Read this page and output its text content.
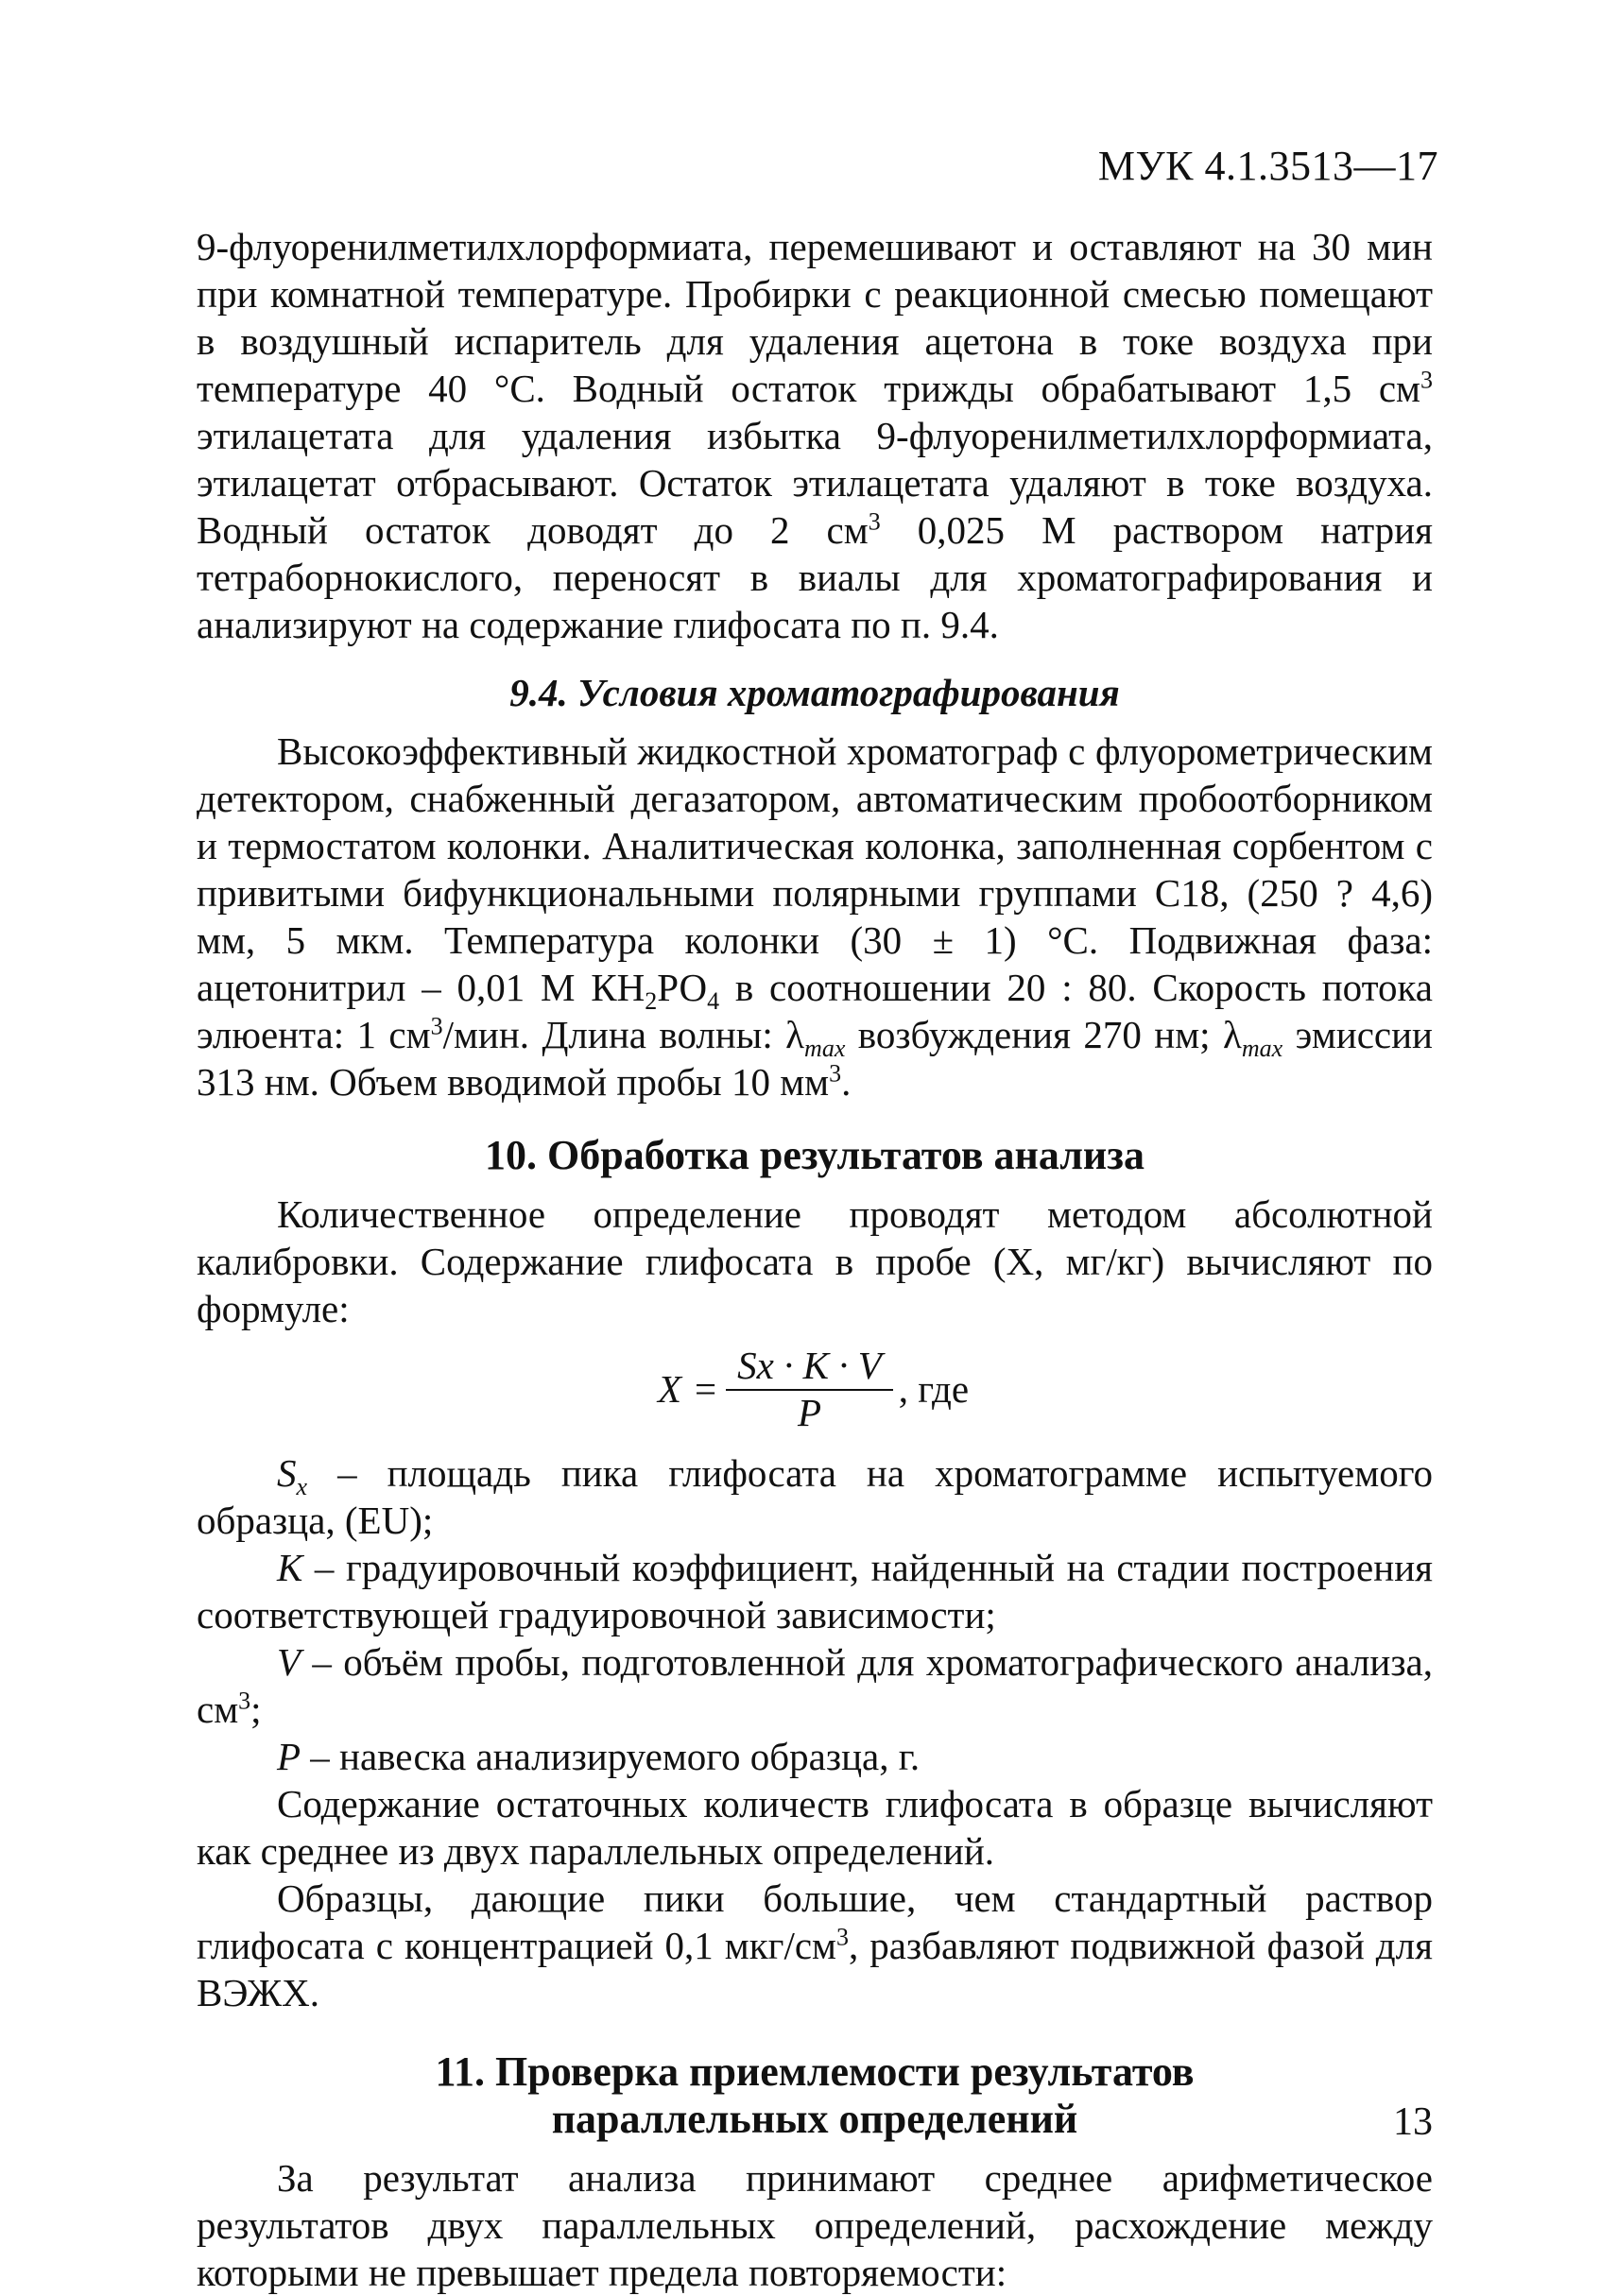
МУК 4.1.3513—17

9-флуоренилметилхлорформиата, перемешивают и оставляют на 30 мин при комнатной температуре. Пробирки с реакционной смесью помещают в воздушный испаритель для удаления ацетона в токе воздуха при температуре 40 °С. Водный остаток трижды обрабатывают 1,5 $см^3$ этилацетата для удаления избытка 9-флуоренилметилхлорформиата, этилацетат отбрасывают. Остаток этилацетата удаляют в токе воздуха. Водный остаток доводят до 2 $см^3$ 0,025 М раствором натрия тетраборнокислого, переносят в виалы для хроматографирования и анализируют на содержание глифосата по п. 9.4.

9.4. Условия хроматографирования

Высокоэффективный жидкостной хроматограф с флуорометрическим детектором, снабженный дегазатором, автоматическим пробоотборником и термостатом колонки. Аналитическая колонка, заполненная сорбентом с привитыми бифункциональными полярными группами С18, (250 ? 4,6) мм, 5 мкм. Температура колонки (30 ± 1) °С. Подвижная фаза: ацетонитрил – 0,01 М $КН_2РО_4$ в соотношении 20 : 80. Скорость потока элюента: 1 $см^3$/мин. Длина волны: $\lambda_{max}$ возбуждения 270 нм; $\lambda_{max}$ эмиссии 313 нм. Объем вводимой пробы 10 $мм^3$.

10. Обработка результатов анализа

Количественное определение проводят методом абсолютной калибровки. Содержание глифосата в пробе (X, мг/кг) вычисляют по формуле:

$X = \frac{Sx \cdot K \cdot V}{P}$ , где

$S_x$ – площадь пика глифосата на хроматограмме испытуемого образца, (EU);

K – градуировочный коэффициент, найденный на стадии построения соответствующей градуировочной зависимости;

V – объём пробы, подготовленной для хроматографического анализа, $см^3$;

P – навеска анализируемого образца, г.

Содержание остаточных количеств глифосата в образце вычисляют как среднее из двух параллельных определений.

Образцы, дающие пики большие, чем стандартный раствор глифосата с концентрацией 0,1 мкг/$см^3$, разбавляют подвижной фазой для ВЭЖХ.

11. Проверка приемлемости результатов
параллельных определений

За результат анализа принимают среднее арифметическое результатов двух параллельных определений, расхождение между которыми не превышает предела повторяемости:

13
